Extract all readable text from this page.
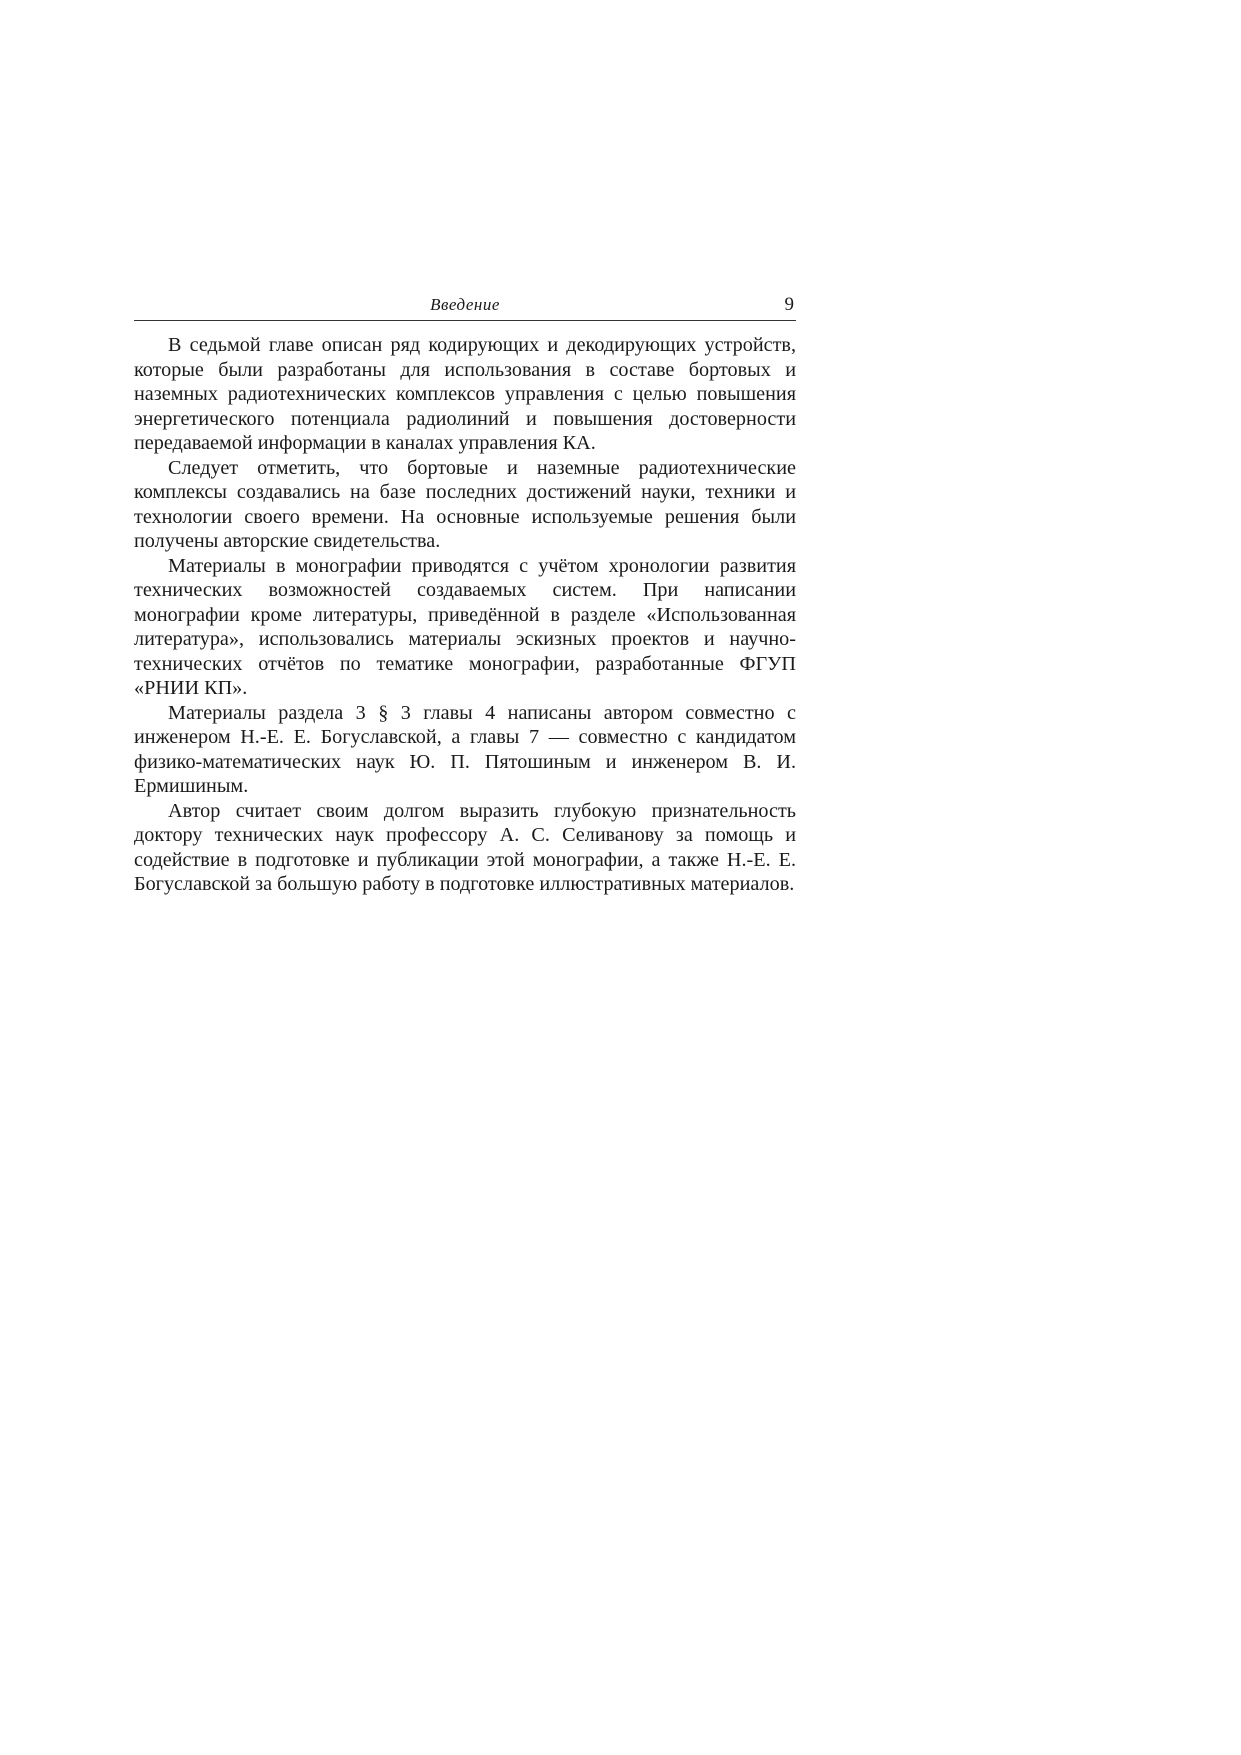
Введение	9

В седьмой главе описан ряд кодирующих и декодирующих устройств, которые были разработаны для использования в составе бортовых и наземных радиотехнических комплексов управления с целью повышения энергетического потенциала радиолиний и повышения достоверности передаваемой информации в каналах управления КА.

Следует отметить, что бортовые и наземные радиотехнические комплексы создавались на базе последних достижений науки, техники и технологии своего времени. На основные используемые решения были получены авторские свидетельства.

Материалы в монографии приводятся с учётом хронологии развития технических возможностей создаваемых систем. При написании монографии кроме литературы, приведённой в разделе «Использованная литература», использовались материалы эскизных проектов и научно-технических отчётов по тематике монографии, разработанные ФГУП «РНИИ КП».

Материалы раздела 3 § 3 главы 4 написаны автором совместно с инженером Н.-Е. Е. Богуславской, а главы 7 — совместно с кандидатом физико-математических наук Ю. П. Пятошиным и инженером В. И. Ермишиным.

Автор считает своим долгом выразить глубокую признательность доктору технических наук профессору А. С. Селиванову за помощь и содействие в подготовке и публикации этой монографии, а также Н.-Е. Е. Богуславской за большую работу в подготовке иллюстративных материалов.
